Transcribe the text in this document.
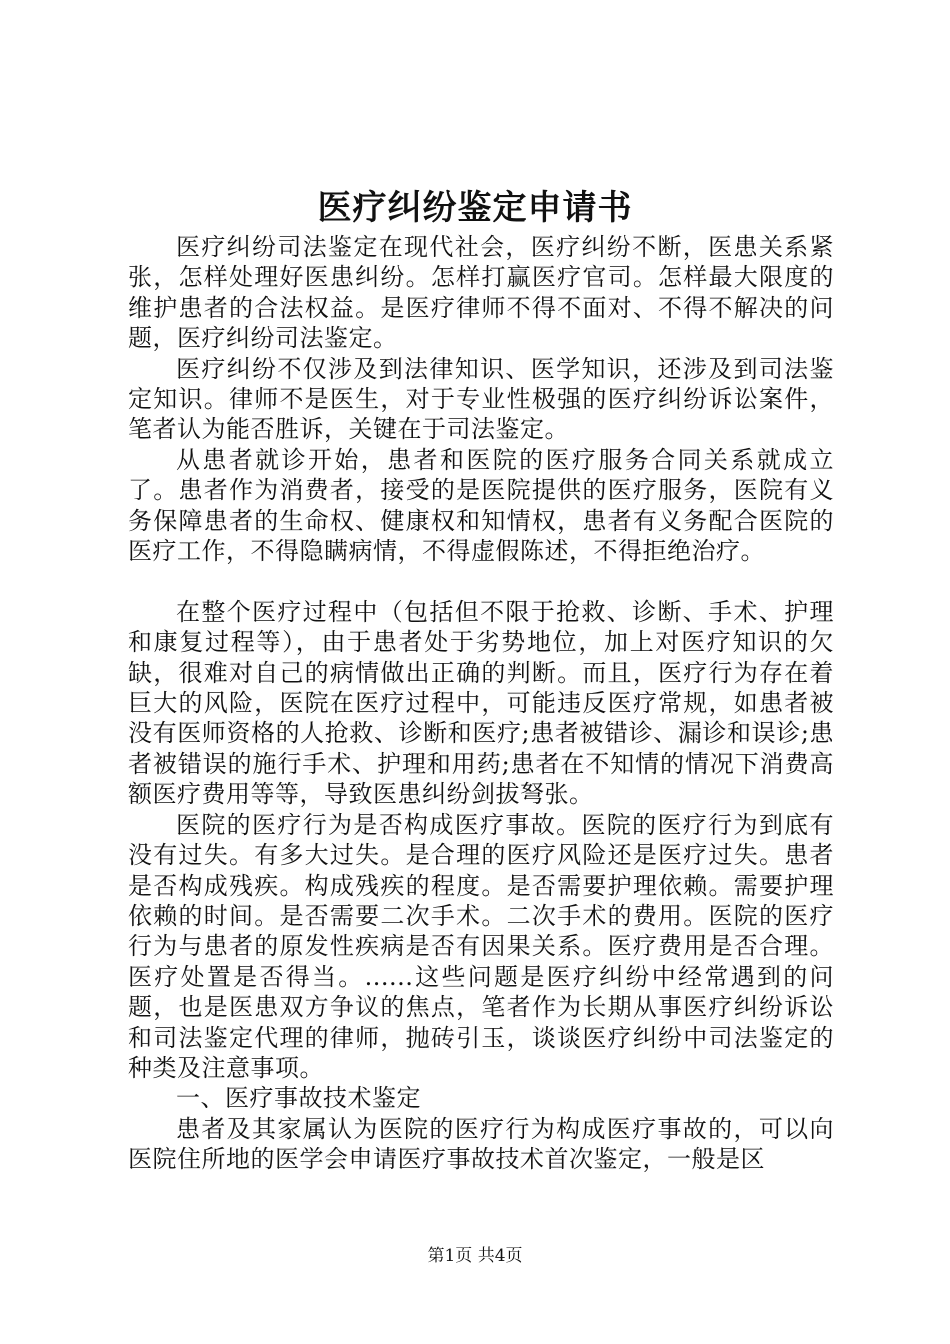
医疗纠纷鉴定申请书

医疗纠纷司法鉴定在现代社会，医疗纠纷不断，医患关系紧张，怎样处理好医患纠纷。怎样打赢医疗官司。怎样最大限度的维护患者的合法权益。是医疗律师不得不面对、不得不解决的问题，医疗纠纷司法鉴定。

医疗纠纷不仅涉及到法律知识、医学知识，还涉及到司法鉴定知识。律师不是医生，对于专业性极强的医疗纠纷诉讼案件，笔者认为能否胜诉，关键在于司法鉴定。

从患者就诊开始，患者和医院的医疗服务合同关系就成立了。患者作为消费者，接受的是医院提供的医疗服务，医院有义务保障患者的生命权、健康权和知情权，患者有义务配合医院的医疗工作，不得隐瞒病情，不得虚假陈述，不得拒绝治疗。

在整个医疗过程中（包括但不限于抢救、诊断、手术、护理和康复过程等），由于患者处于劣势地位，加上对医疗知识的欠缺，很难对自己的病情做出正确的判断。而且，医疗行为存在着巨大的风险，医院在医疗过程中，可能违反医疗常规，如患者被没有医师资格的人抢救、诊断和医疗;患者被错诊、漏诊和误诊;患者被错误的施行手术、护理和用药;患者在不知情的情况下消费高额医疗费用等等，导致医患纠纷剑拔弩张。

医院的医疗行为是否构成医疗事故。医院的医疗行为到底有没有过失。有多大过失。是合理的医疗风险还是医疗过失。患者是否构成残疾。构成残疾的程度。是否需要护理依赖。需要护理依赖的时间。是否需要二次手术。二次手术的费用。医院的医疗行为与患者的原发性疾病是否有因果关系。医疗费用是否合理。医疗处置是否得当。......这些问题是医疗纠纷中经常遇到的问题，也是医患双方争议的焦点，笔者作为长期从事医疗纠纷诉讼和司法鉴定代理的律师，抛砖引玉，谈谈医疗纠纷中司法鉴定的种类及注意事项。

一、医疗事故技术鉴定

患者及其家属认为医院的医疗行为构成医疗事故的，可以向医院住所地的医学会申请医疗事故技术首次鉴定，一般是区

第1页 共4页
